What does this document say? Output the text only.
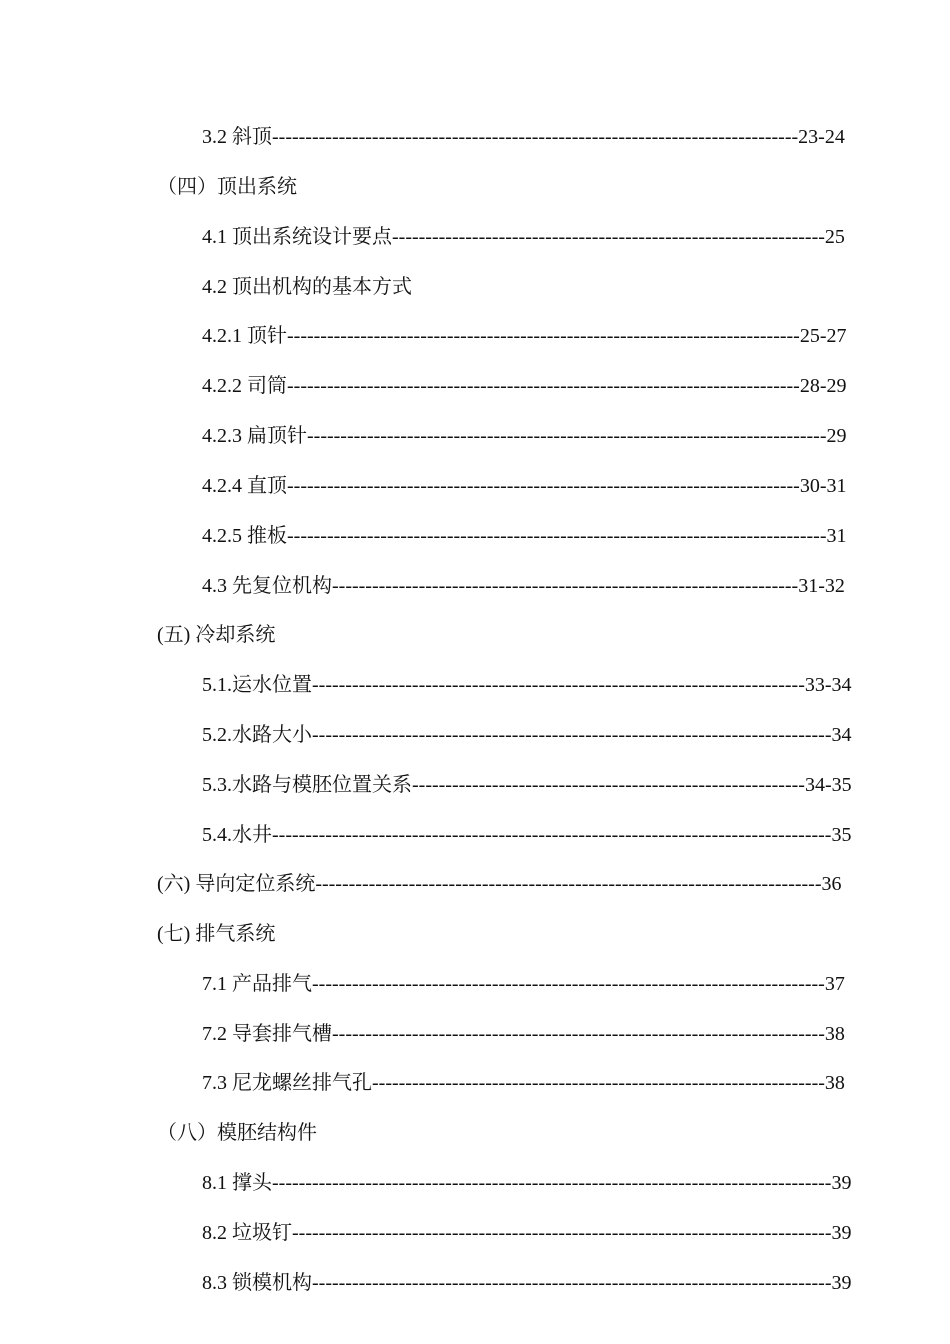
3.2 斜顶-------------------------------------------------------------------------------23-24
（四）顶出系统
4.1 顶出系统设计要点-----------------------------------------------------------------25
4.2 顶出机构的基本方式
4.2.1 顶针-----------------------------------------------------------------------------25-27
4.2.2 司筒-----------------------------------------------------------------------------28-29
4.2.3 扁顶针------------------------------------------------------------------------------29
4.2.4 直顶-----------------------------------------------------------------------------30-31
4.2.5 推板---------------------------------------------------------------------------------31
4.3 先复位机构----------------------------------------------------------------------31-32
(五) 冷却系统
5.1.运水位置--------------------------------------------------------------------------33-34
5.2.水路大小------------------------------------------------------------------------------34
5.3.水路与模胚位置关系-----------------------------------------------------------34-35
5.4.水井------------------------------------------------------------------------------------35
(六) 导向定位系统----------------------------------------------------------------------------36
(七) 排气系统
7.1 产品排气-----------------------------------------------------------------------------37
7.2 导套排气槽--------------------------------------------------------------------------38
7.3 尼龙螺丝排气孔--------------------------------------------------------------------38
（八）模胚结构件
8.1 撑头------------------------------------------------------------------------------------39
8.2 垃圾钉---------------------------------------------------------------------------------39
8.3 锁模机构------------------------------------------------------------------------------39
